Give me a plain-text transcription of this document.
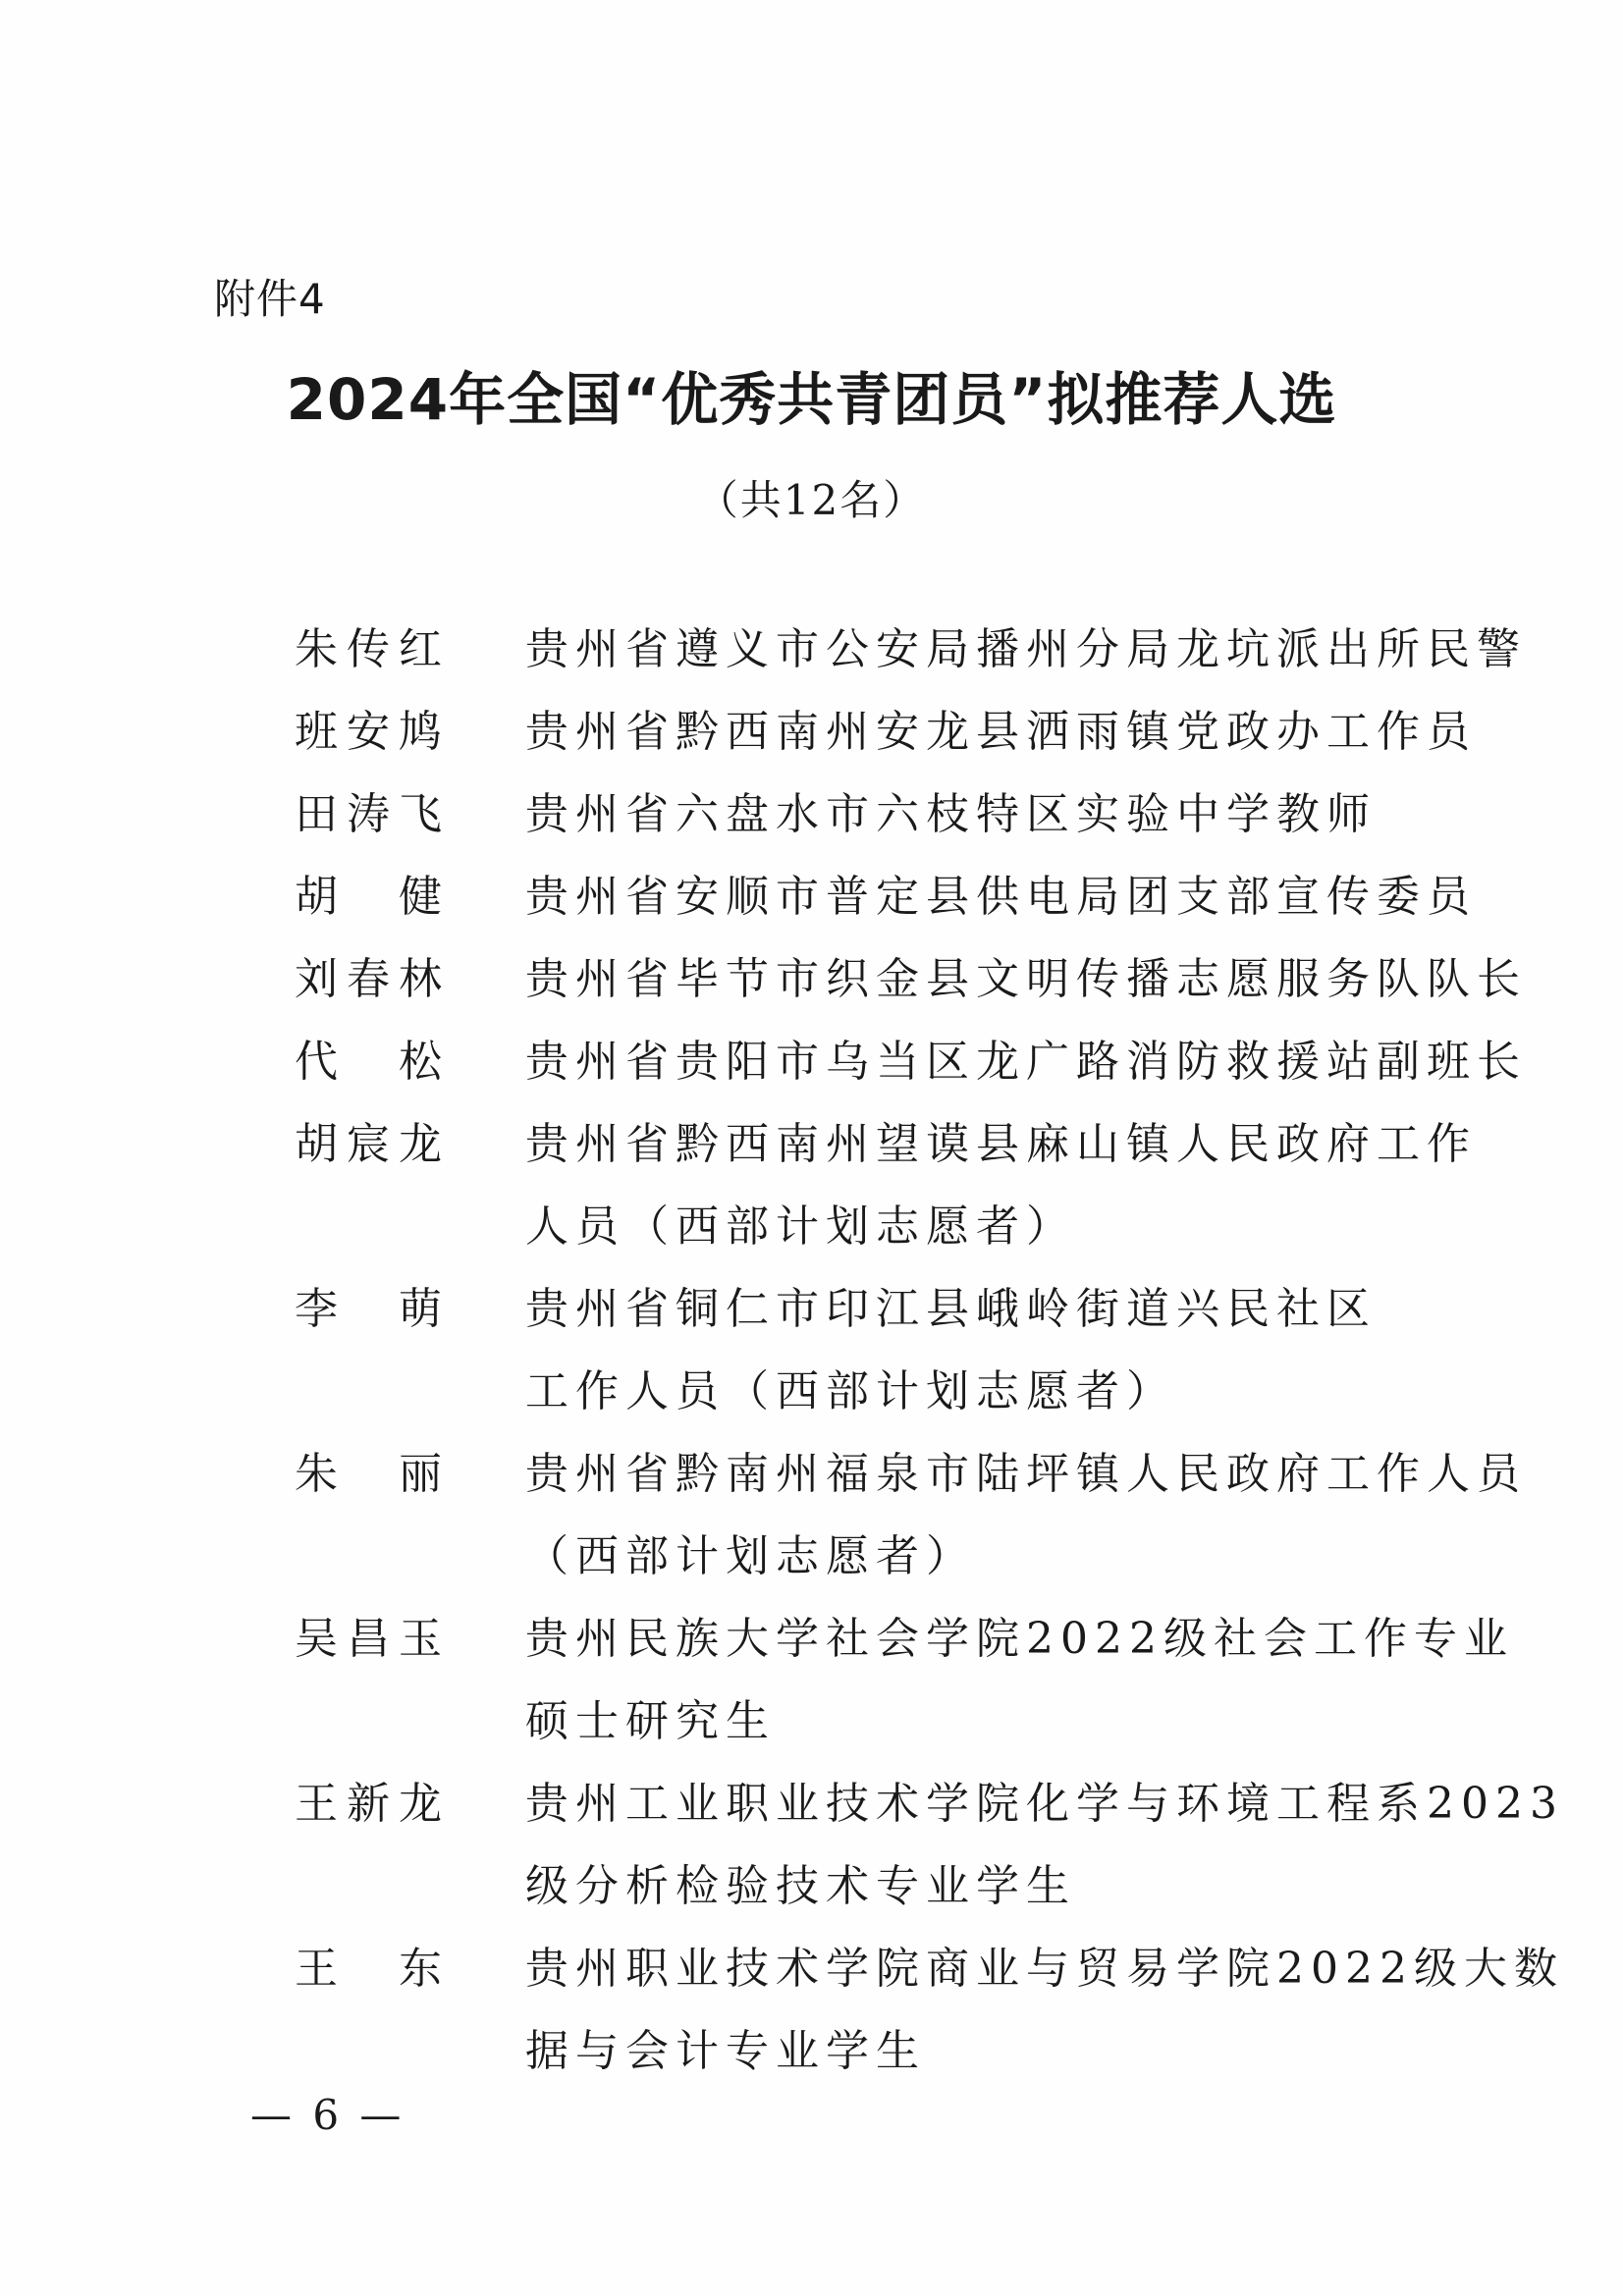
附件4
2024年全国“优秀共青团员”拟推荐人选
（共12名）
朱传红 贵州省遵义市公安局播州分局龙坑派出所民警
班安鸠 贵州省黔西南州安龙县洒雨镇党政办工作员
田涛飞 贵州省六盘水市六枝特区实验中学教师
胡健 贵州省安顺市普定县供电局团支部宣传委员
刘春林 贵州省毕节市织金县文明传播志愿服务队队长
代松 贵州省贵阳市乌当区龙广路消防救援站副班长
胡宸龙 贵州省黔西南州望谟县麻山镇人民政府工作
人员（西部计划志愿者）
李萌 贵州省铜仁市印江县峨岭街道兴民社区
工作人员（西部计划志愿者）
朱丽 贵州省黔南州福泉市陆坪镇人民政府工作人员
（西部计划志愿者）
吴昌玉 贵州民族大学社会学院2022级社会工作专业
硕士研究生
王新龙 贵州工业职业技术学院化学与环境工程系2023
级分析检验技术专业学生
王东 贵州职业技术学院商业与贸易学院2022级大数
据与会计专业学生
— 6 —
